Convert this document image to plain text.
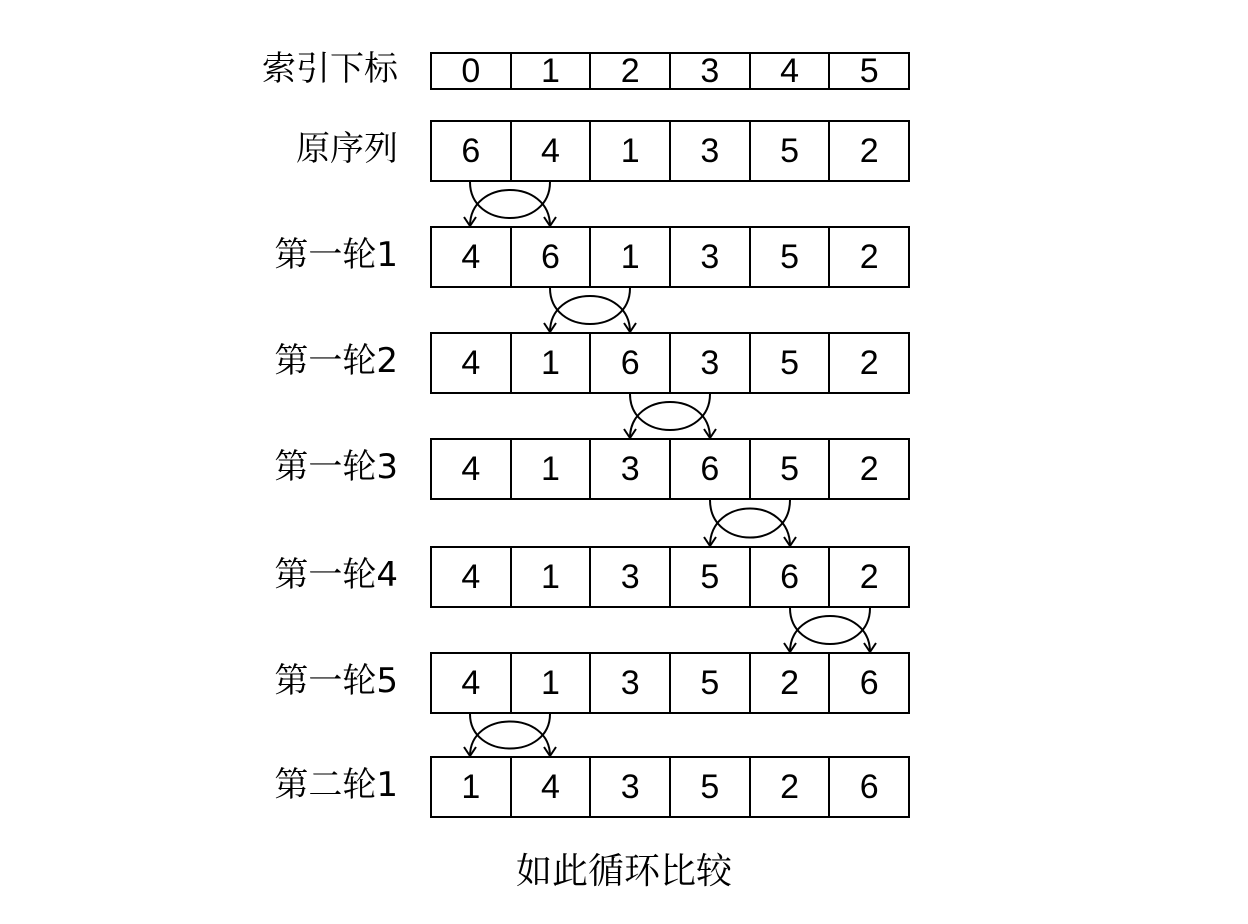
索引下标	0	1	2	3	4	5
原序列	6	4	1	3	5	2
第一轮1	4	6	1	3	5	2
第一轮2	4	1	6	3	5	2
第一轮3	4	1	3	6	5	2
第一轮4	4	1	3	5	6	2
第一轮5	4	1	3	5	2	6
第二轮1	1	4	3	5	2	6
如此循环比较
